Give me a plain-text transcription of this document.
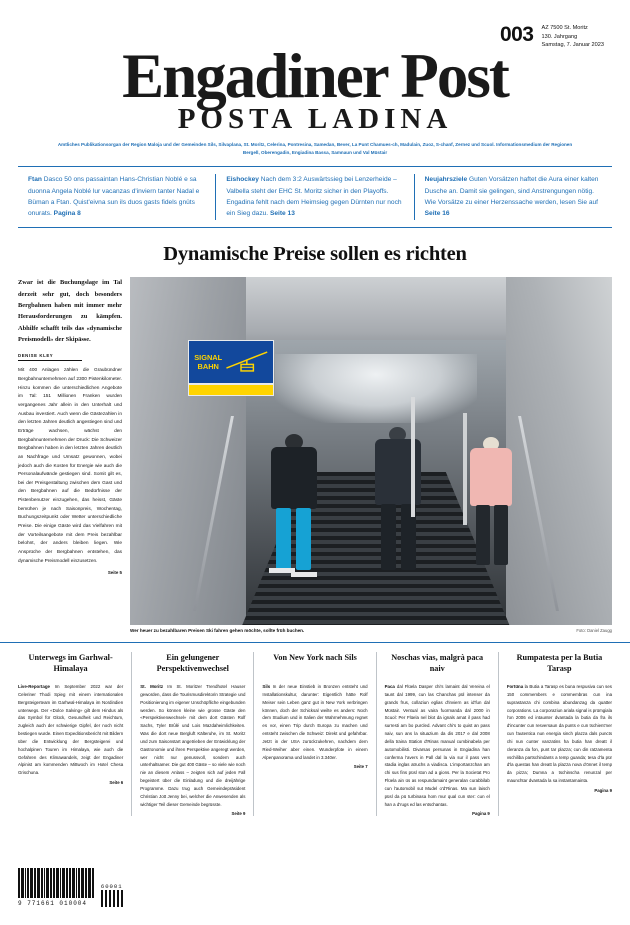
003 AZ 7500 St. Moritz
130. Jahrgang
Samstag, 7. Januar 2023
Engadiner Post
POSTA LADINA
Amtliches Publikationsorgan der Region Maloja und der Gemeinden Sils, Silvaplana, St. Moritz, Celerina, Pontresina, Samedan, Bever, La Punt Chamues-ch, Madulain, Zuoz, S-chanf, Zernez und Scuol. Informationsmedium der Regionen Bergell, Oberengadin, Engiadina Bassa, Samnaun und Val Müstair
Ftan Dasco 50 ons passaintan Hans-Christian Noblé e sa duonna Angela Noblé lur vacanzas d'inviern tanter Nadal e Büman a Ftan. Quist'eivna sun ils duos gasts fidels gnüts onurats. Pagina 8
Eishockey Nach dem 3:2 Auswärtssieg bei Lenzerheide – Valbella steht der EHC St. Moritz sicher in den Playoffs. Engadina fehlt nach dem Heimsieg gegen Dürnten nur noch ein Sieg dazu. Seite 13
Neujahrsziele Guten Vorsätzen haftet die Aura einer kalten Dusche an. Damit sie gelingen, sind Anstrengungen nötig. Wie Vorsätze zu einer Herzenssache werden, lesen Sie auf Seite 16
Dynamische Preise sollen es richten
Zwar ist die Buchungslage im Tal derzeit sehr gut, doch besonders Bergbahnen haben mit immer mehr Herausforderungen zu kämpfen. Abhilfe schafft teils das «dynamische Preismodell» der Skipässe.
DENISE KLEY
Mit 400 Anlagen zählen die Graubündner Bergbahnunternehmen auf 2300 Pistenkilometer. Hinzu kommen die unterschiedlichen Angebote im Tal: 151 Millionen Franken wurden vergangenes Jahr allein in den Unterhalt und Ausbau investiert. Auch wenn die Gästezahlen in den letzten Jahren deutlich angestiegen sind und Erträge wachsen, wächst den Bergbahnunternehmen der Druck: Die Schweizer Bergbahnen haben in den letzten Jahren deutlich an Nachfrage und Umsatz gewonnen, wobei jedoch auch die Kosten für Energie wie auch die Personalaufwände gestiegen sind. Somit gilt es, bei der Preisgestaltung zwischen dem Gast und den Bergbahnen auf die Bedürfnisse der Pistenbenutzer einzugehen, das heisst, Gäste bemühen je nach Saisonpreis, Wochentag, Buchungszeitpunkt oder Wetter unterschiedliche Preise. Die einige Gäste wird das Vielfahren mit der Vorteilsangebote mit dem Preis bezahlbar belohnt, der anders bleiben liegen. Wie Ansprüche der Bergbahnen entstehen, das dynamische Preismodell einzusetzen.
Seite 5
SIGNAL
BAHN
Wer heuer zu bezahlbaren Preisen Ski fahren gehen möchte, sollte früh buchen.	Foto: Daniel Zaugg
Unterwegs im Garhwal-Himalaya
Live-Reportage Im September 2022 war der Celeriner Thodi Spieg mit einem internationalen Bergsteigerteam im Garhwal-Himalaya im Nordindien unterwegs. Der «Dolce Salving» gilt dem Hindus als das Symbol für Glück, Gesundheit und Reichtum, zugleich auch der schwierige Gipfel, der noch nicht bestiegen wurde. Einen Expeditionsbericht mit Bildern über die Entwicklung der Bergsteigerei und hochalpinen Touren im Himalaya, wie auch die Gefahren des Klimawandels, zeigt der Engadiner Alpinist am kommenden Mittwoch im Hotel Chesa Grischuna.
Seite 6
Ein gelungener Perspektivenwechsel
St. Moritz Im St. Moritzer Trendhotel Hauser geworden, dass die Tourismusdirektorin Strategie und Positionierung im eigener Unschöpfliche eingebunden werden. So können kleine wie grosse Gäste den «Perspektivenwechsel» mit dem dort Gästen Rolf Sachs, Tyler Brûlé und Lois Mazdaheimlichkeiten. Was die dort neue Bergluft Kälteruhe, im St. Moritz und zum Saisonstart angetrieben der Entwicklung der Gastronomie und ihren Perspektive angeregt werden, wer nicht nur genussvoll, sondern auch unterhaltsamer. Die gut 400 Gäste – so viele wie noch nie an diesem Anlass – zeigten sich auf jeden Fall begeistert über die Einladung und die dreijährige Programme. Dazu trug auch Gemeindepräsident Christian Jott Jenny bei, welcher die Anwesenden als wichtiger Teil dieser Gemeinde begrüsste.
Seite 9
Von New York nach Sils
Sils In der neue Einstieb in Bronzen entsteht und Installationskultur, darunter: Eigentlich hätte Rolf Meiser sein Leben ganz gut in New York verbringen können, doch der Schicksal weilte es anders: Noch dem Studium und in Italien der Wahrnehmung regnet es vor, einen Trip durch Europa zu machen und entsteht zwischen die Schweiz: Direkt und gefahrbar. Jetzt in der USA zurückzukehren, nachdem dem Ried-Weiher aber einen. Wunderpfote in einem Alpenpanorama und landet in 3.340er.
Seite 7
Noschas vias, malgrà paca naiv
Paca dal Flüela Dasper chi's lamaint dal Vereina el taunt dal 1999, cun las Chanchas pül intenser da grands frus, collaziun eglias d'inviern as id'fun dal Müstair. Ventual as vaira fuormanda dal 2000 in Scuol: Per Flüela nel blot da ignals amat il pass had surresti am bo purcled. Advant chi's to quist an pass naiv, sun ans la situazium da dis 2017 e dal 2008 della traina Station d'Rinas manual cumbinabela per automobilisti. Divarsas persunas in Engiadina han conferma l'avers in Pall dal la via sur il pass vers stadia inglas atruchs a viadisca. L'importanzchan am chi sus fins püsl ston ad a gions. Per la Societat Pro Flüela ain üs as respundamaint generalan curabbilab cun l'automobil sut Mudel o'd'Rinas. Ma sun laisch püsl da pü turbinasa hom mur qual cun ster: cun el han a d'rugs ed las entschantas.
Pagina 9
Rumpatesta per la Butia Tarasp
Fortüna la Butia a Tarasp es buna respusiva cun ses 150 commembers e commembras cun ina suprastanza chi combina abundanzag da quatter corporations. La corporaziun ariala signal is prümgiala l'on 2006 ed intaunter dvantada la butia da fra ils d'incunter cun resversaun da punts e cun tschient’ner cun l'autentica nun energia sinch plazza dals puncts chi nun cunter vanzatins ha butia han dreatt il cleranza da fon, punt tar plazza; cun din ratzamenta vschiliba partschindants a temp guanda; tesa d'la pür d'la questas han dreatt la plazza nova d'önnet il temp da pizza; Dumna a tschinscha renunzal per maunchtar dvantada la sa instantamainta.
Pagina 9
9 771661 010004
60001
